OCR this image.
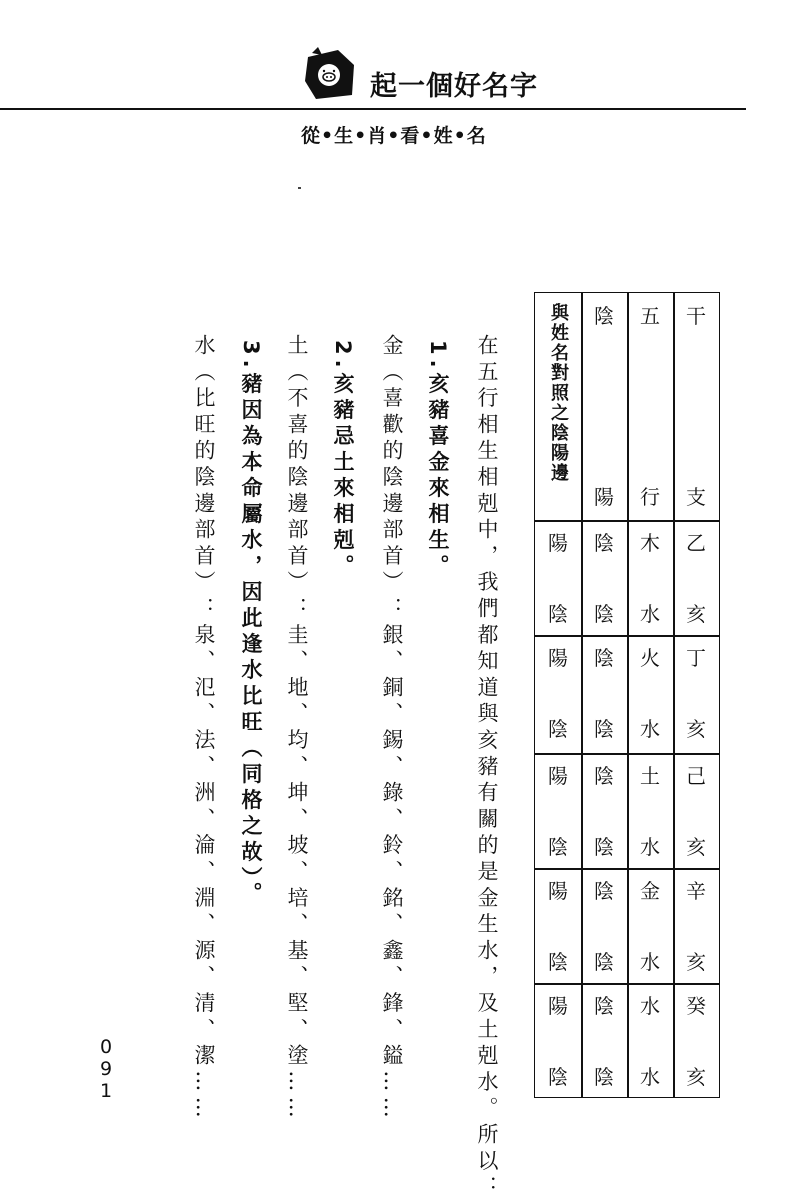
起一個好名字
從•生•肖•看•姓•名
在五行相生相剋中，我們都知道與亥豬有關的是金生水，及土剋水。所以：
1.亥豬喜金來相生。
金（喜歡的陰邊部首）：銀、銅、錫、錄、鈴、銘、鑫、鋒、鎰……
2.亥豬忌土來相剋。
土（不喜的陰邊部首）：圭、地、均、坤、坡、培、基、堅、塗……
3.豬因為本命屬水，因此逢水比旺（同格之故）。
水（比旺的陰邊部首）：泉、氾、法、洲、淪、淵、源、清、潔……
干
支
五
行
陰
陽
與姓名對照之陰陽邊
乙
亥
木
水
陰
陰
陽
陰
丁
亥
火
水
陰
陰
陽
陰
己
亥
土
水
陰
陰
陽
陰
辛
亥
金
水
陰
陰
陽
陰
癸
亥
水
水
陰
陰
陽
陰
091
